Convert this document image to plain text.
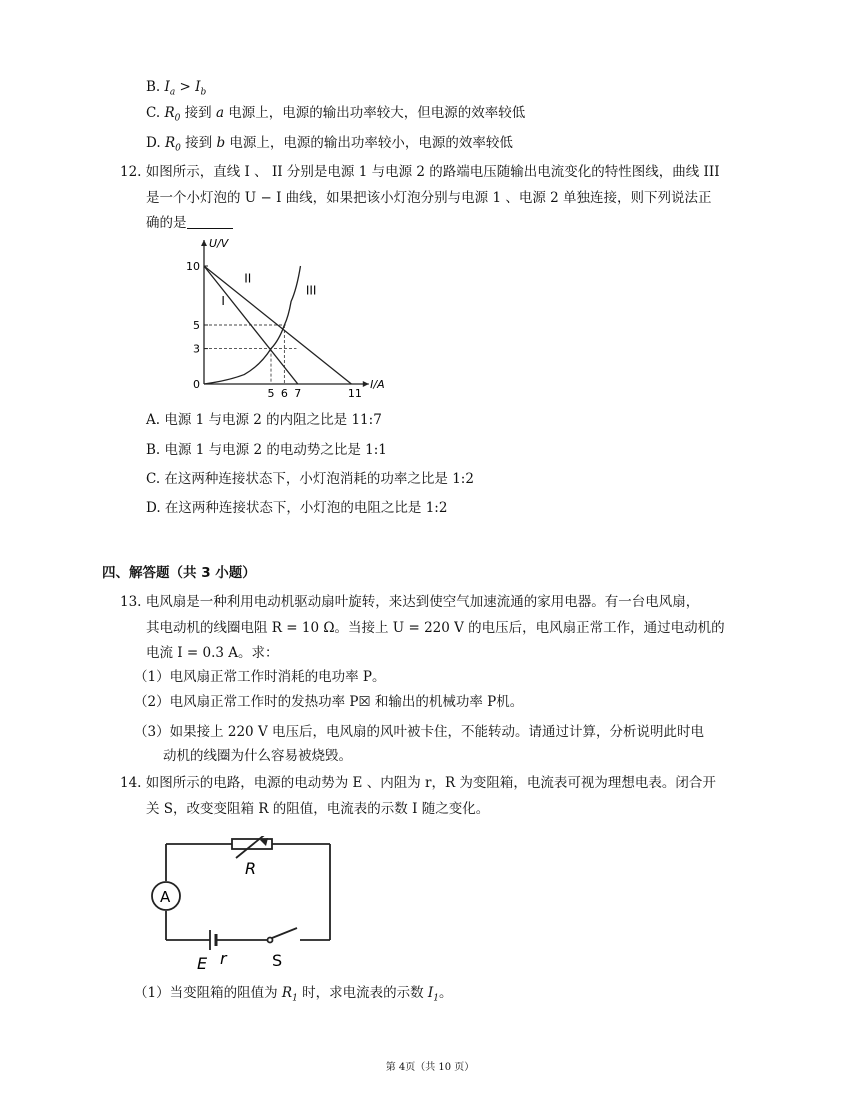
B. $I_a > I_b$
C. $R_0$ 接到 a 电源上，电源的输出功率较大，但电源的效率较低
D. $R_0$ 接到 b 电源上，电源的输出功率较小，电源的效率较低
12. 如图所示，直线 I 、 II 分别是电源 1 与电源 2 的路端电压随输出电流变化的特性图线，曲线 III
是一个小灯泡的 U − I 曲线，如果把该小灯泡分别与电源 1 、电源 2 单独连接，则下列说法正
确的是
I/A
U/V
5 6 7	11
10
5
3
0
I
II
III
A. 电源 1 与电源 2 的内阻之比是 11:7
B. 电源 1 与电源 2 的电动势之比是 1:1
C. 在这两种连接状态下，小灯泡消耗的功率之比是 1:2
D. 在这两种连接状态下，小灯泡的电阻之比是 1:2
四、解答题（共 3 小题）
13. 电风扇是一种利用电动机驱动扇叶旋转，来达到使空气加速流通的家用电器。有一台电风扇，
其电动机的线圈电阻 R = 10 Ω。当接上 U = 220 V 的电压后，电风扇正常工作，通过电动机的
电流 I = 0.3 A。求：
（1）电风扇正常工作时消耗的电功率 P。
（2）电风扇正常工作时的发热功率 P☒ 和输出的机械功率 P机。
（3）如果接上 220 V 电压后，电风扇的风叶被卡住，不能转动。请通过计算，分析说明此时电
动机的线圈为什么容易被烧毁。
14. 如图所示的电路，电源的电动势为 E 、内阻为 r，R 为变阻箱，电流表可视为理想电表。闭合开
关 S，改变变阻箱 R 的阻值，电流表的示数 I 随之变化。
R
A
E r	S
（1）当变阻箱的阻值为 $R_1$ 时，求电流表的示数 $I_1$。
第 4页（共 10 页）
